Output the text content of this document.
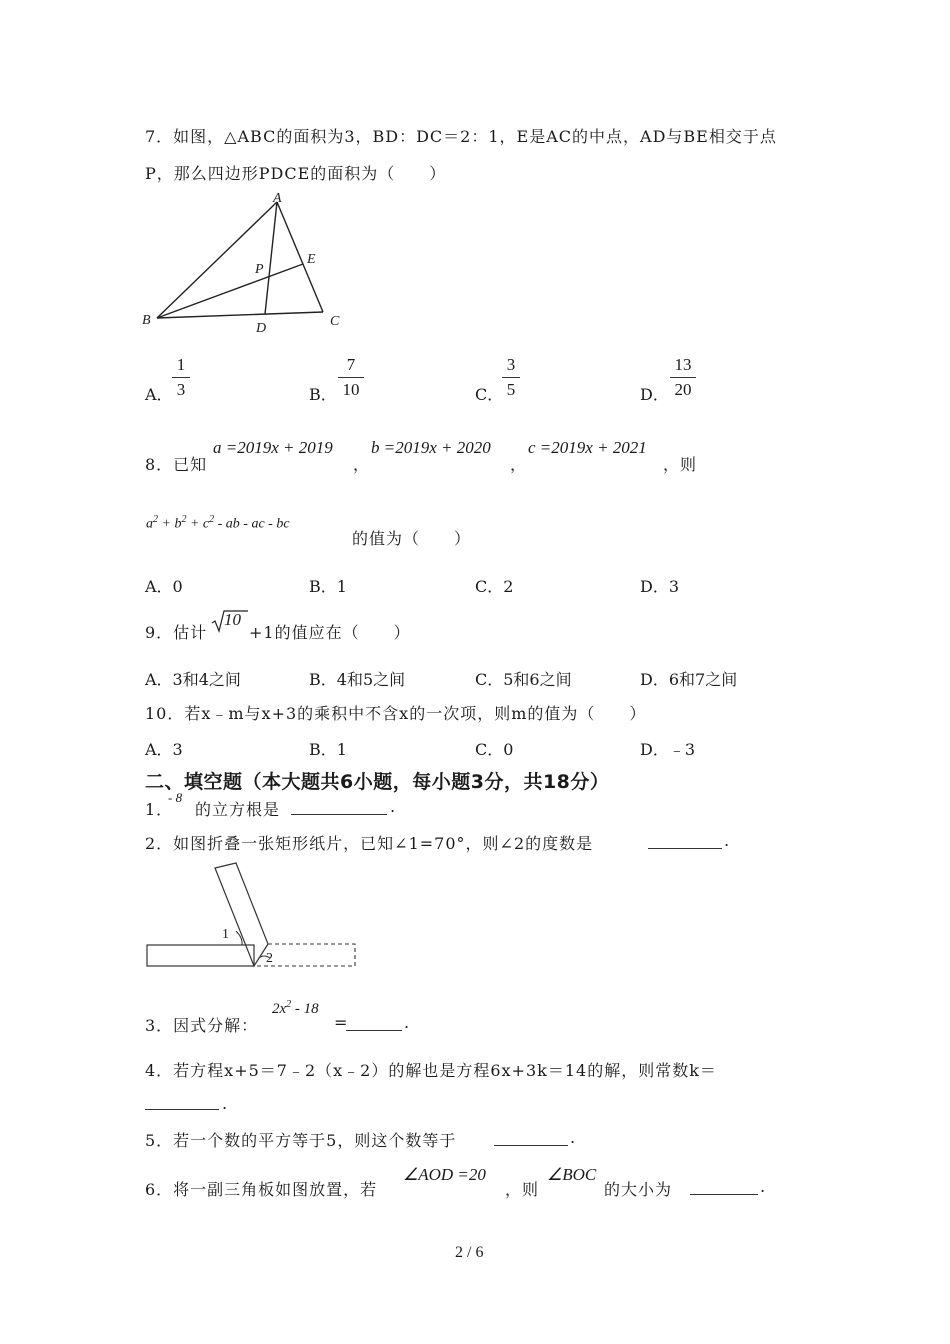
7．如图，△ABC的面积为3，BD：DC＝2：1，E是AC的中点，AD与BE相交于点
P，那么四边形PDCE的面积为（　　）
A
B	C
D
E
P
A．
1
3	B．
7
10	C．
3
5	D．
13
20
8．已知
a =2019x + 2019
，
b =2019x + 2020
，
c =2019x + 2021
，则
$a^2 + b^2 + c^2$ - ab - ac - bc
的值为（　　）
A．0	B．1	C．2	D．3
9．估计
10
+1的值应在（　　）
A．3和4之间	B．4和5之间	C．5和6之间	D．6和7之间
10．若x﹣m与x+3的乘积中不含x的一次项，则m的值为（　　）
A．3	B．1	C．0	D．﹣3
二、填空题（本大题共6小题，每小题3分，共18分）
1．
- 8
的立方根是	.
2．如图折叠一张矩形纸片，已知∠1=70°，则∠2的度数是	.
1
2
3．因式分解：
$2x^2 - 18$
=	.
4．若方程x+5＝7﹣2（x﹣2）的解也是方程6x+3k＝14的解，则常数k＝
.
5．若一个数的平方等于5，则这个数等于	.
6．将一副三角板如图放置，若
∠AOD =20
，则
∠BOC
的大小为	.
2 / 6
